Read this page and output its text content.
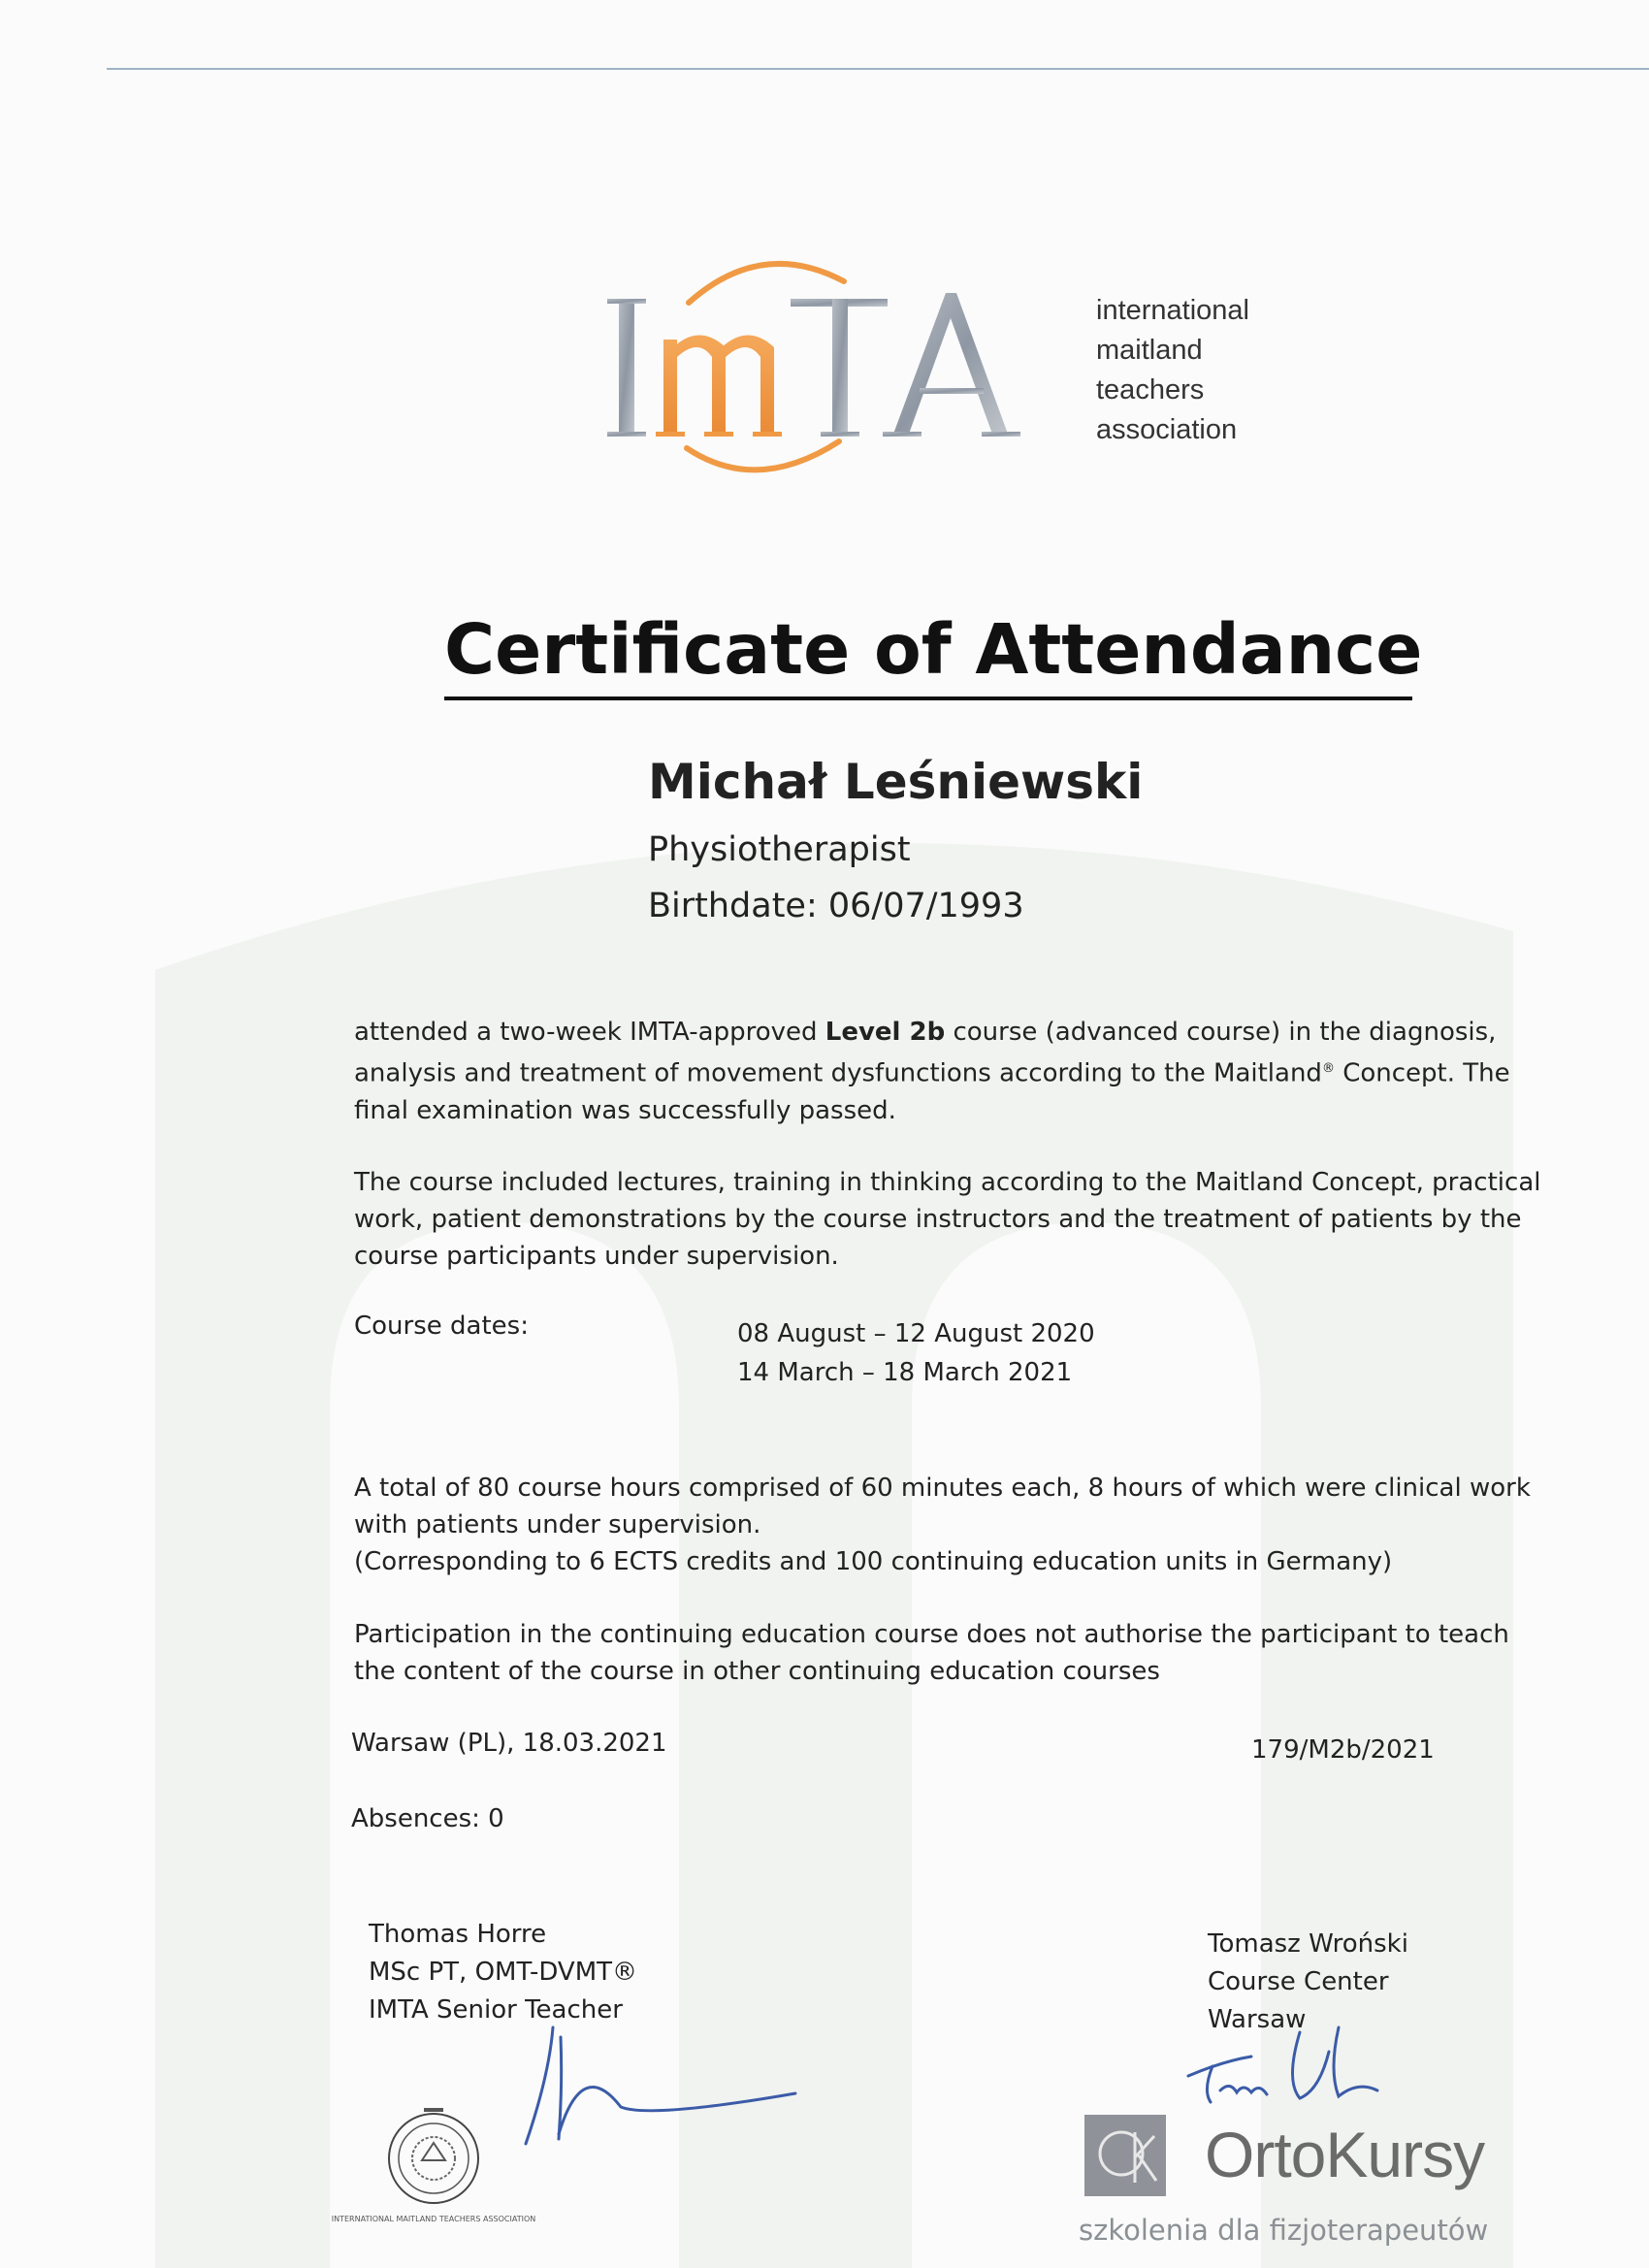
international
maitland
teachers
association
Certificate of Attendance
Michał Leśniewski
Physiotherapist
Birthdate: 06/07/1993

attended a two-week IMTA-approved Level 2b course (advanced course) in the diagnosis, analysis and treatment of movement dysfunctions according to the Maitland® Concept. The final examination was successfully passed.

The course included lectures, training in thinking according to the Maitland Concept, practical work, patient demonstrations by the course instructors and the treatment of patients by the course participants under supervision.

Course dates:	08 August – 12 August 2020
14 March – 18 March 2021

A total of 80 course hours comprised of 60 minutes each, 8 hours of which were clinical work with patients under supervision.

(Corresponding to 6 ECTS credits and 100 continuing education units in Germany)

Participation in the continuing education course does not authorise the participant to teach the content of the course in other continuing education courses

Warsaw (PL), 18.03.2021	179/M2b/2021
Absences: 0
Thomas Horre
MSc PT, OMT-DVMT®
IMTA Senior Teacher
Tomasz Wroński
Course Center
Warsaw
INTERNATIONAL MAITLAND TEACHERS ASSOCIATION
OrtoKursy
szkolenia dla fizjoterapeutów
